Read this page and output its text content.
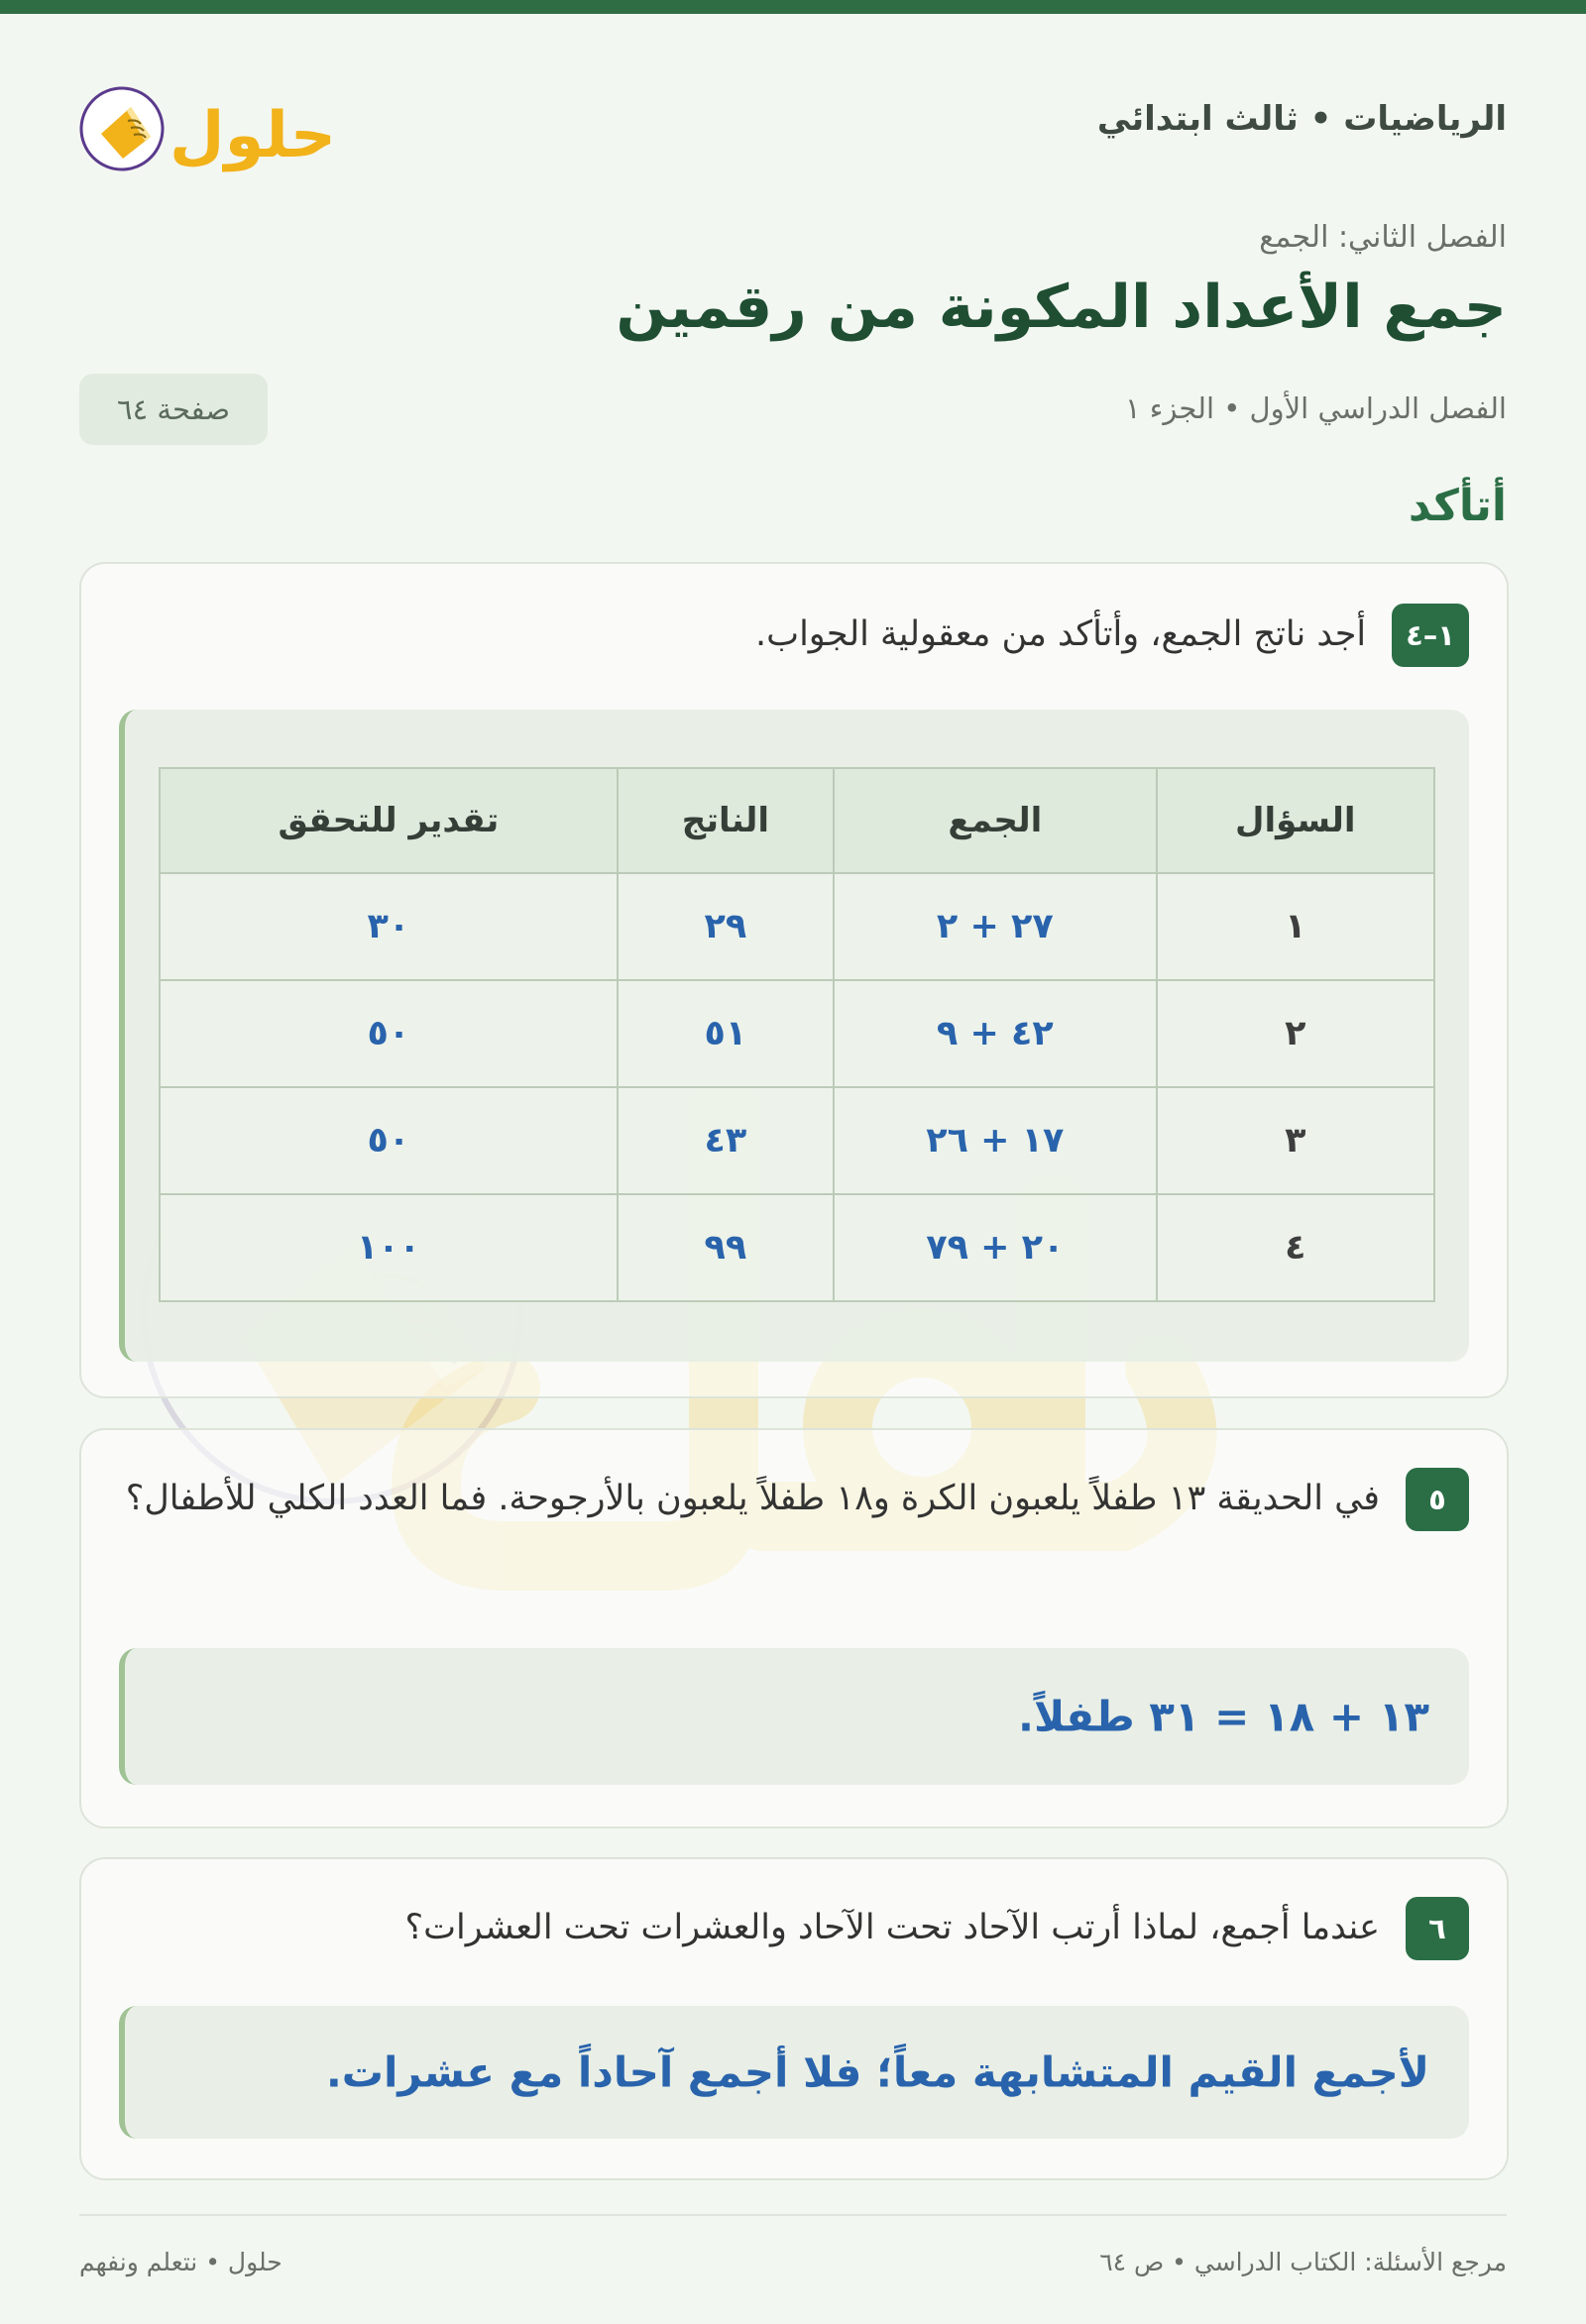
الرياضيات • ثالث ابتدائي
حلول
الفصل الثاني: الجمع
جمع الأعداد المكونة من رقمين
الفصل الدراسي الأول • الجزء ١
صفحة ٦٤
أتأكد
١–٤
أجد ناتج الجمع، وأتأكد من معقولية الجواب.
السؤال	الجمع	الناتج	تقدير للتحقق
١	٢٧ + ٢	٢٩	٣٠
٢	٤٢ + ٩	٥١	٥٠
٣	١٧ + ٢٦	٤٣	٥٠
٤	٢٠ + ٧٩	٩٩	١٠٠
٥
في الحديقة ١٣ طفلاً يلعبون الكرة و١٨ طفلاً يلعبون بالأرجوحة. فما العدد الكلي للأطفال؟
١٣ + ١٨ = ٣١ طفلاً.
٦
عندما أجمع، لماذا أرتب الآحاد تحت الآحاد والعشرات تحت العشرات؟
لأجمع القيم المتشابهة معاً؛ فلا أجمع آحاداً مع عشرات.
مرجع الأسئلة: الكتاب الدراسي • ص ٦٤
حلول • نتعلم ونفهم
